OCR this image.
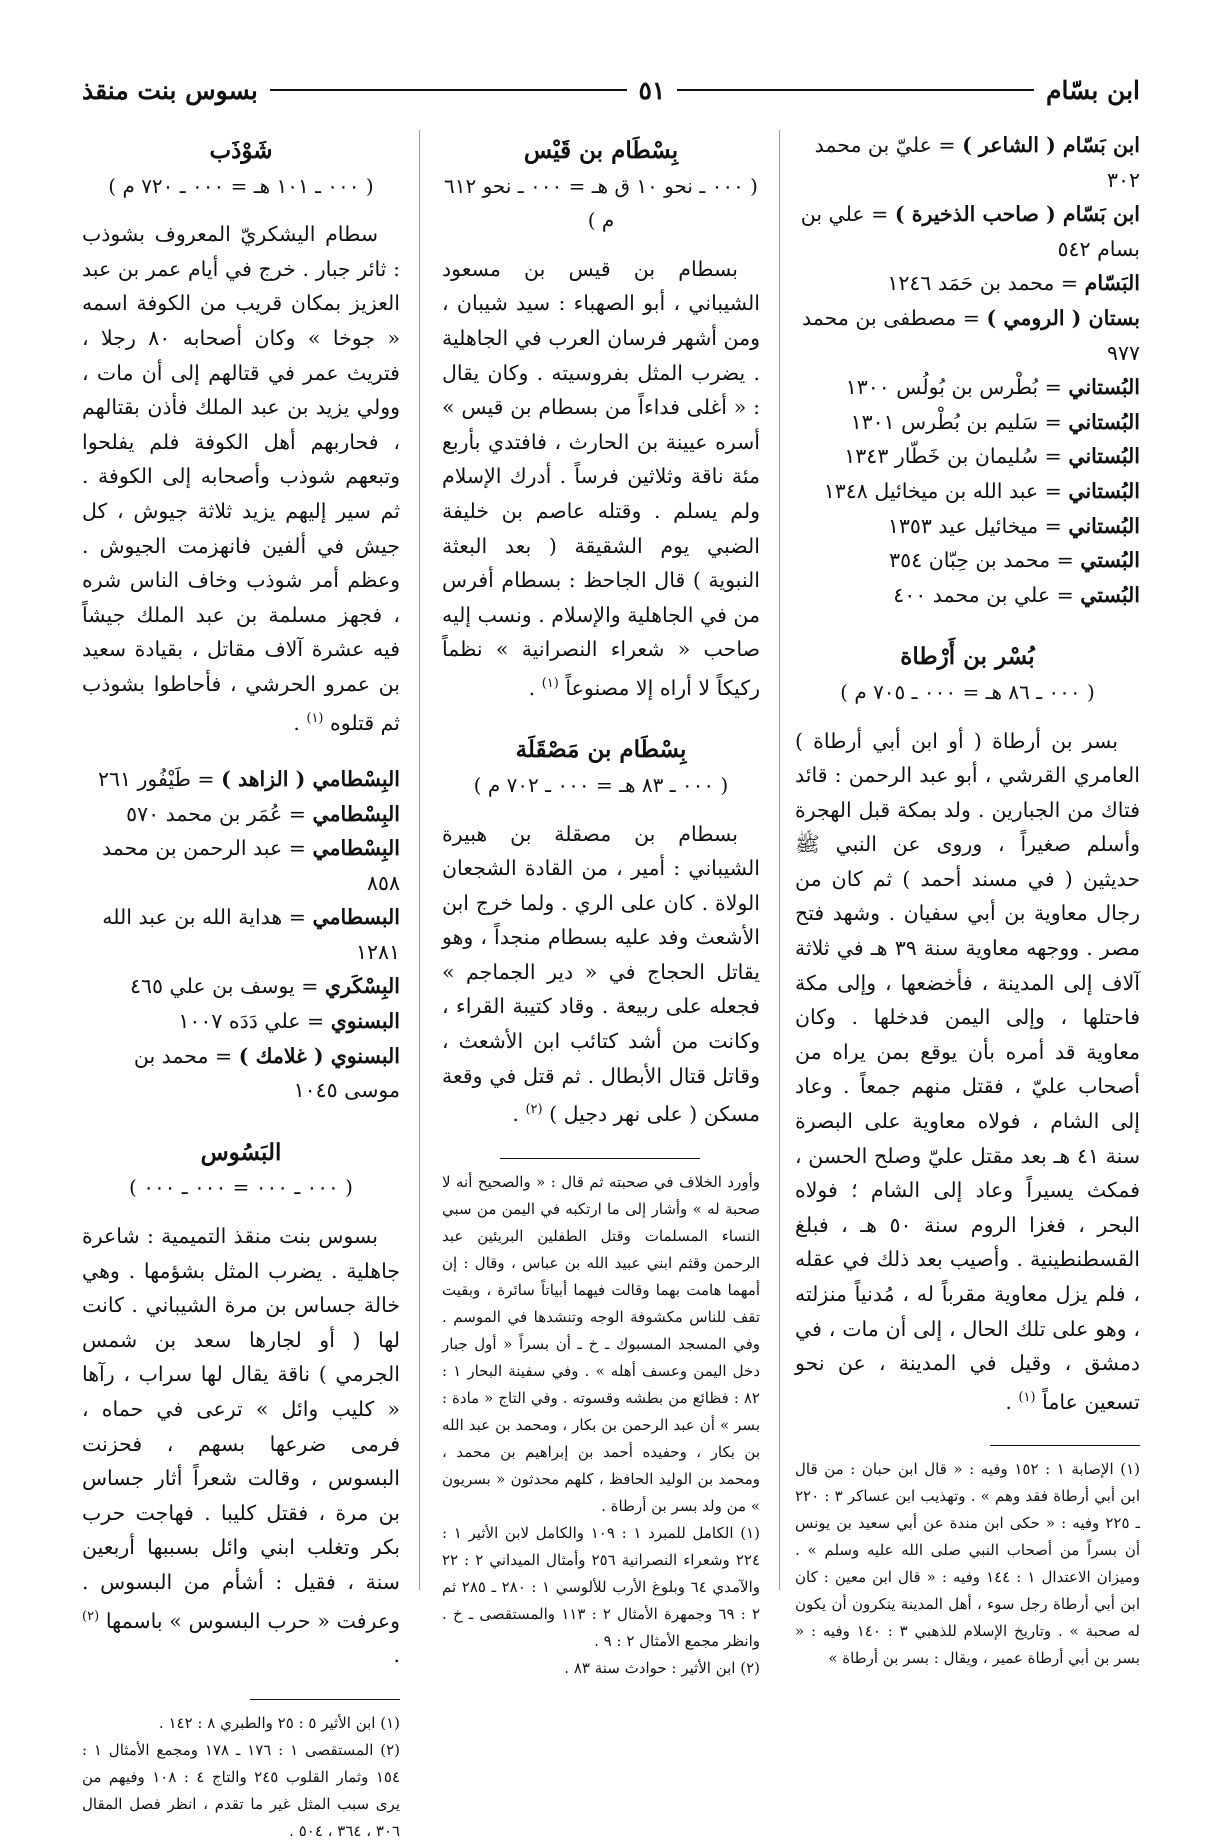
ابن بسّام
٥١
بسوس بنت منقذ

ابن بَسّام ( الشاعر ) = عليّ بن محمد ٣٠٢

ابن بَسّام ( صاحب الذخيرة ) = علي بن بسام ٥٤٢

البَسّام = محمد بن حَمَد ١٢٤٦

بستان ( الرومي ) = مصطفى بن محمد ٩٧٧

البُستاني = بُطْرس بن بُولُس ١٣٠٠

البُستاني = سَليم بن بُطْرس ١٣٠١

البُستاني = سُليمان بن خَطّار ١٣٤٣

البُستاني = عبد الله بن ميخائيل ١٣٤٨

البُستاني = ميخائيل عيد ١٣٥٣

البُستي = محمد بن حِبّان ٣٥٤

البُستي = علي بن محمد ٤٠٠

بُسْر بن أَرْطاة
( ٠٠٠ ـ ٨٦ هـ = ٠٠٠ ـ ٧٠٥ م )

بسر بن أرطاة ( أو ابن أبي أرطاة ) العامري القرشي ، أبو عبد الرحمن : قائد فتاك من الجبارين . ولد بمكة قبل الهجرة وأسلم صغيراً ، وروى عن النبي ﷺ حديثين ( في مسند أحمد ) ثم كان من رجال معاوية بن أبي سفيان . وشهد فتح مصر . ووجهه معاوية سنة ٣٩ هـ في ثلاثة آلاف إلى المدينة ، فأخضعها ، وإلى مكة فاحتلها ، وإلى اليمن فدخلها . وكان معاوية قد أمره بأن يوقع بمن يراه من أصحاب عليّ ، فقتل منهم جمعاً . وعاد إلى الشام ، فولاه معاوية على البصرة سنة ٤١ هـ بعد مقتل عليّ وصلح الحسن ، فمكث يسيراً وعاد إلى الشام ؛ فولاه البحر ، فغزا الروم سنة ٥٠ هـ ، فبلغ القسطنطينية . وأصيب بعد ذلك في عقله ، فلم يزل معاوية مقرباً له ، مُدنياً منزلته ، وهو على تلك الحال ، إلى أن مات ، في دمشق ، وقيل في المدينة ، عن نحو تسعين عاماً $^{(١)}$ .

(١) الإصابة ١ : ١٥٢ وفيه : « قال ابن حبان : من قال ابن أبي أرطاة فقد وهم » . وتهذيب ابن عساكر ٣ : ٢٢٠ ـ ٢٢٥ وفيه : « حكى ابن مندة عن أبي سعيد بن يونس أن بسراً من أصحاب النبي صلى الله عليه وسلم » . وميزان الاعتدال ١ : ١٤٤ وفيه : « قال ابن معين : كان ابن أبي أرطاة رجل سوء ، أهل المدينة ينكرون أن يكون له صحبة » . وتاريخ الإسلام للذهبي ٣ : ١٤٠ وفيه : « بسر بن أبي أرطاة عمير ، ويقال : بسر بن أرطاة »

بِسْطَام بن قَيْس
( ٠٠٠ ـ نحو ١٠ ق هـ = ٠٠٠ ـ نحو ٦١٢ م )

بسطام بن قيس بن مسعود الشيباني ، أبو الصهباء : سيد شيبان ، ومن أشهر فرسان العرب في الجاهلية . يضرب المثل بفروسيته . وكان يقال : « أغلى فداءاً من بسطام بن قيس » أسره عيينة بن الحارث ، فافتدي بأربع مئة ناقة وثلاثين فرساً . أدرك الإسلام ولم يسلم . وقتله عاصم بن خليفة الضبي يوم الشقيقة ( بعد البعثة النبوية ) قال الجاحظ : بسطام أفرس من في الجاهلية والإسلام . ونسب إليه صاحب « شعراء النصرانية » نظماً ركيكاً لا أراه إلا مصنوعاً $^{(١)}$ .

بِسْطَام بن مَصْقَلَة
( ٠٠٠ ـ ٨٣ هـ = ٠٠٠ ـ ٧٠٢ م )

بسطام بن مصقلة بن هبيرة الشيباني : أمير ، من القادة الشجعان الولاة . كان على الري . ولما خرج ابن الأشعث وفد عليه بسطام منجداً ، وهو يقاتل الحجاج في « دير الجماجم » فجعله على ربيعة . وقاد كتيبة القراء ، وكانت من أشد كتائب ابن الأشعث ، وقاتل قتال الأبطال . ثم قتل في وقعة مسكن ( على نهر دجيل ) $^{(٢)}$ .

وأورد الخلاف في صحبته ثم قال : « والصحيح أنه لا صحبة له » وأشار إلى ما ارتكبه في اليمن من سبي النساء المسلمات وقتل الطفلين البريئين عبد الرحمن وقثم ابني عبيد الله بن عباس ، وقال : إن أمهما هامت بهما وقالت فيهما أبياتاً سائرة ، وبقيت تقف للناس مكشوفة الوجه وتنشدها في الموسم . وفي المسجد المسبوك ـ خ ـ أن بسراً « أول جبار دخل اليمن وعسف أهله » . وفي سفينة البحار ١ : ٨٢ : فظائع من بطشه وقسوته . وفي التاج « مادة : بسر » أن عبد الرحمن بن بكار ، ومحمد بن عبد الله بن بكار ، وحفيده أحمد بن إبراهيم بن محمد ، ومحمد بن الوليد الحافظ ، كلهم محدثون « بسريون » من ولد بسر بن أرطاة .

(١) الكامل للمبرد ١ : ١٠٩ والكامل لابن الأثير ١ : ٢٢٤ وشعراء النصرانية ٢٥٦ وأمثال الميداني ٢ : ٢٢ والآمدي ٦٤ وبلوغ الأرب للألوسي ١ : ٢٨٠ ـ ٢٨٥ ثم ٢ : ٦٩ وجمهرة الأمثال ٢ : ١١٣ والمستقصى ـ خ . وانظر مجمع الأمثال ٢ : ٩ .

(٢) ابن الأثير : حوادث سنة ٨٣ .

شَوْذَب
( ٠٠٠ ـ ١٠١ هـ = ٠٠٠ ـ ٧٢٠ م )

سطام اليشكريّ المعروف بشوذب : ثائر جبار . خرج في أيام عمر بن عبد العزيز بمكان قريب من الكوفة اسمه « جوخا » وكان أصحابه ٨٠ رجلا ، فتريث عمر في قتالهم إلى أن مات ، وولي يزيد بن عبد الملك فأذن بقتالهم ، فحاربهم أهل الكوفة فلم يفلحوا وتبعهم شوذب وأصحابه إلى الكوفة . ثم سير إليهم يزيد ثلاثة جيوش ، كل جيش في ألفين فانهزمت الجيوش . وعظم أمر شوذب وخاف الناس شره ، فجهز مسلمة بن عبد الملك جيشاً فيه عشرة آلاف مقاتل ، بقيادة سعيد بن عمرو الحرشي ، فأحاطوا بشوذب ثم قتلوه $^{(١)}$ .

البِسْطامي ( الزاهد ) = طَيْفُور ٢٦١

البِسْطامي = عُمَر بن محمد ٥٧٠

البِسْطامي = عبد الرحمن بن محمد ٨٥٨

البسطامي = هداية الله بن عبد الله ١٢٨١

البِسْكَري = يوسف بن علي ٤٦٥

البسنوي = علي دَدَه ١٠٠٧

البسنوي ( غلامك ) = محمد بن موسى ١٠٤٥

البَسُوس
( ٠٠٠ ـ ٠٠٠ = ٠٠٠ ـ ٠٠٠ )

بسوس بنت منقذ التميمية : شاعرة جاهلية . يضرب المثل بشؤمها . وهي خالة جساس بن مرة الشيباني . كانت لها ( أو لجارها سعد بن شمس الجرمي ) ناقة يقال لها سراب ، رآها « كليب وائل » ترعى في حماه ، فرمى ضرعها بسهم ، فحزنت البسوس ، وقالت شعراً أثار جساس بن مرة ، فقتل كليبا . فهاجت حرب بكر وتغلب ابني وائل بسببها أربعين سنة ، فقيل : أشأم من البسوس . وعرفت « حرب البسوس » باسمها $^{(٢)}$ .

(١) ابن الأثير ٥ : ٢٥ والطبري ٨ : ١٤٢ .

(٢) المستقصى ١ : ١٧٦ ـ ١٧٨ ومجمع الأمثال ١ : ١٥٤ وثمار القلوب ٢٤٥ والتاج ٤ : ١٠٨ وفيهم من يرى سبب المثل غير ما تقدم ، انظر فصل المقال ٣٠٦ ، ٣٦٤ ، ٥٠٤ .
